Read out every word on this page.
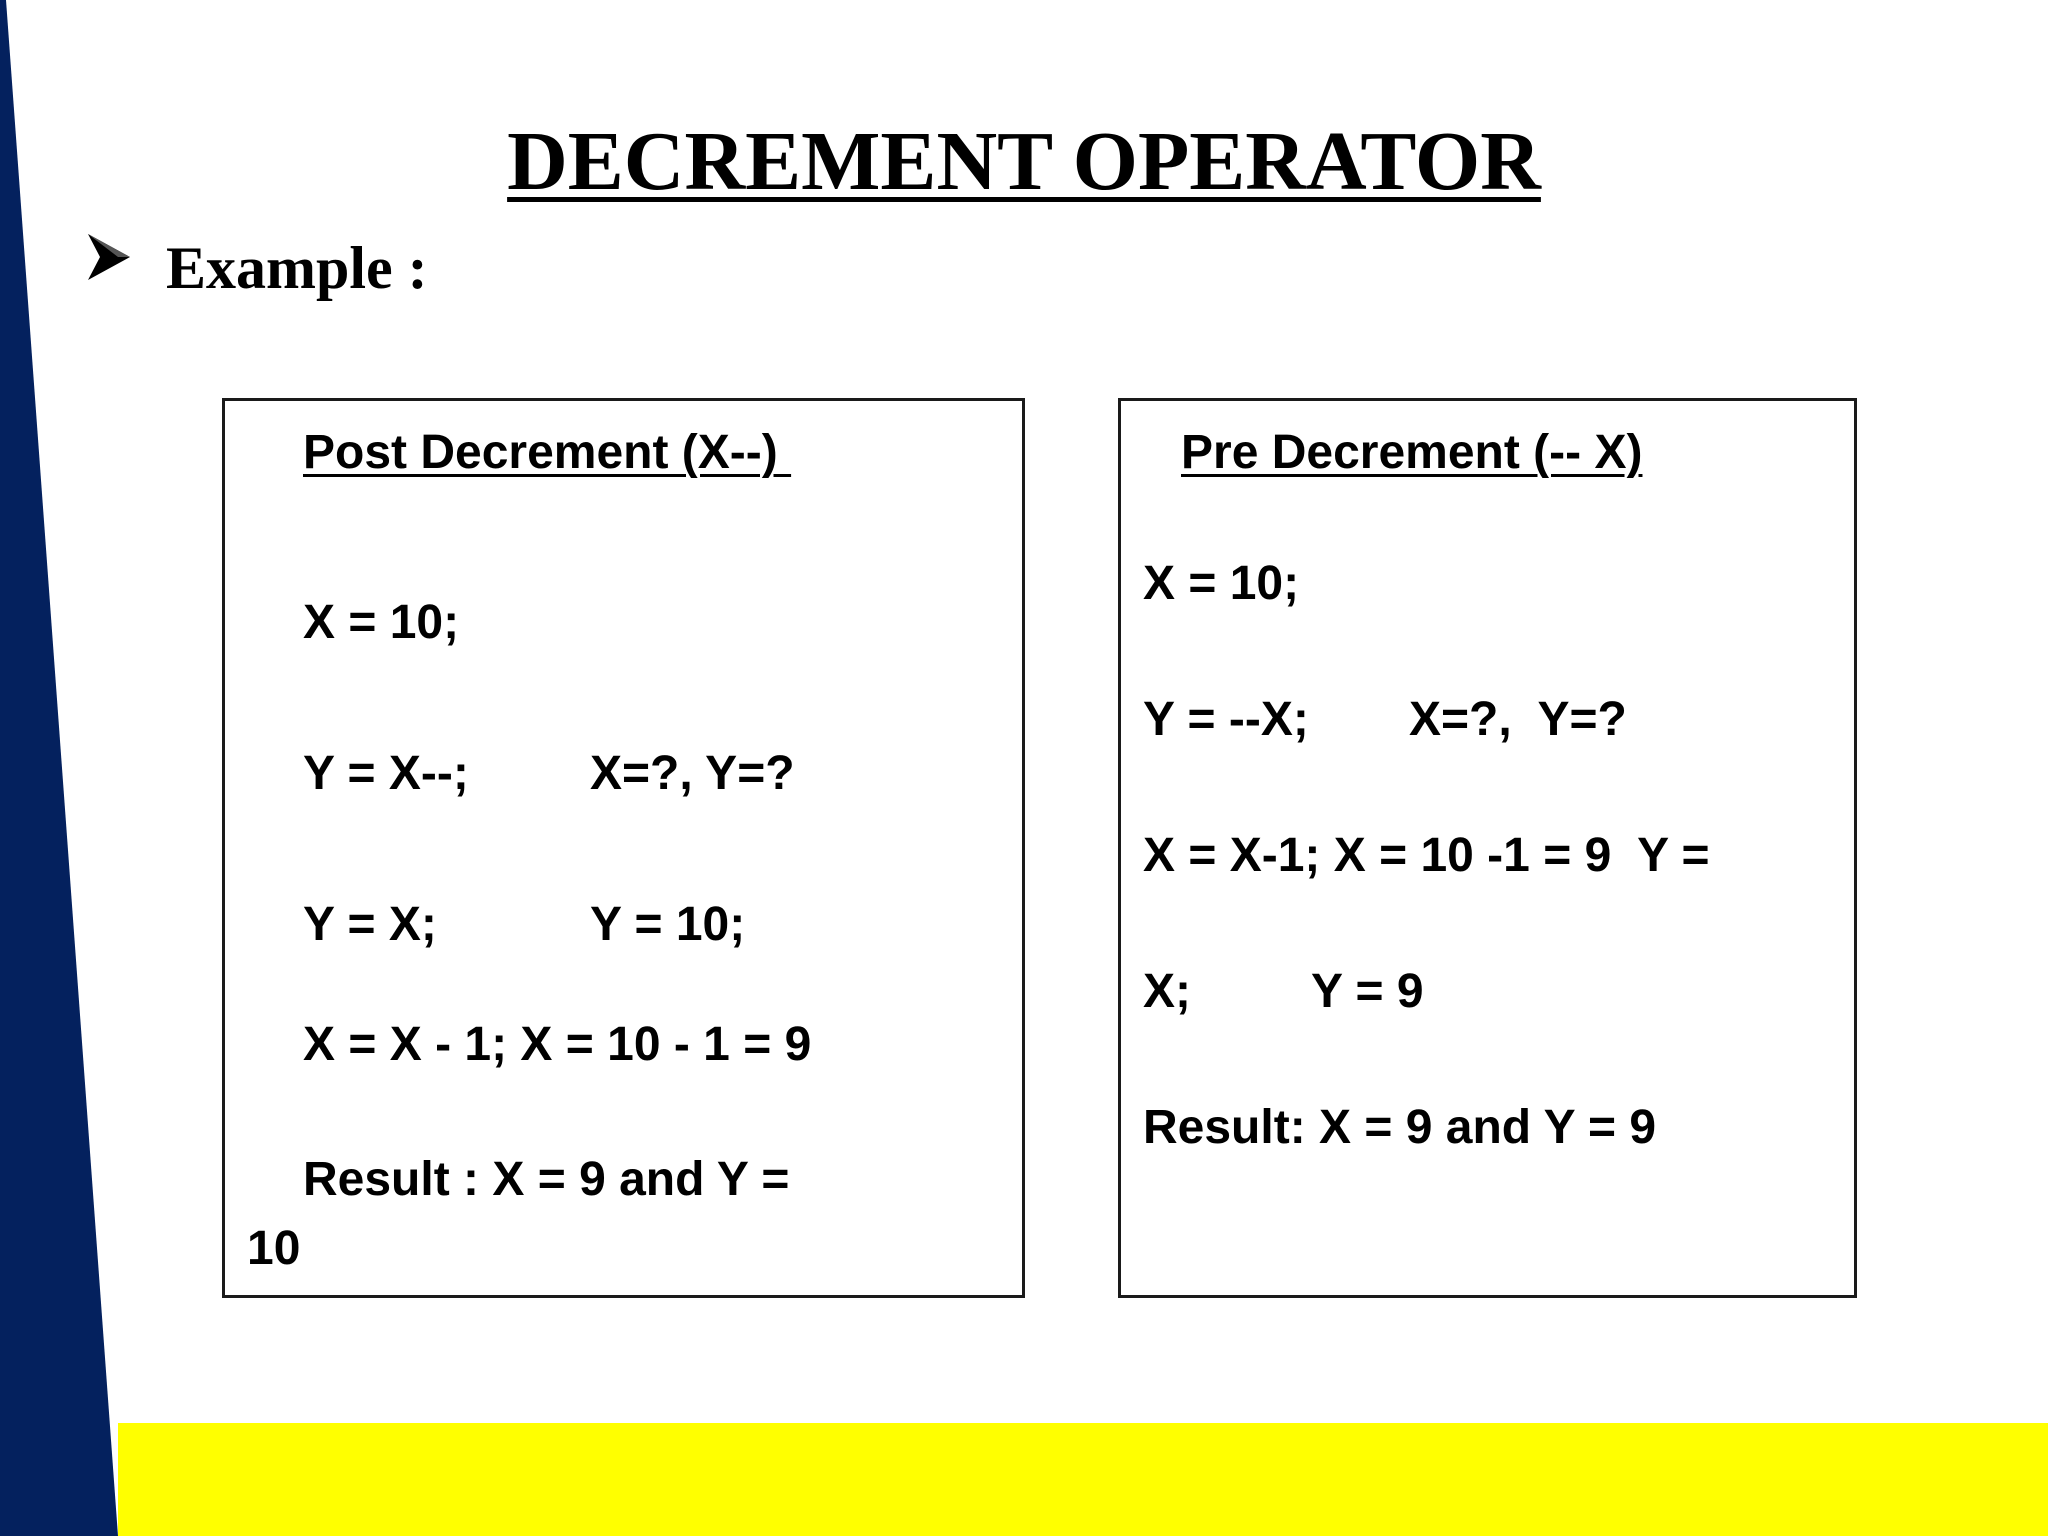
DECREMENT OPERATOR
Example :
Post Decrement (X--)
X = 10;
Y = X--;	X=?, Y=?
Y = X;	Y = 10;
X = X - 1; X = 10 - 1 = 9
Result : X = 9 and Y =
10
Pre Decrement (-- X)
X = 10;
Y = --X; X=?,  Y=?
X = X-1; X = 10 -1 = 9  Y =
X;	Y = 9
Result: X = 9 and Y = 9
